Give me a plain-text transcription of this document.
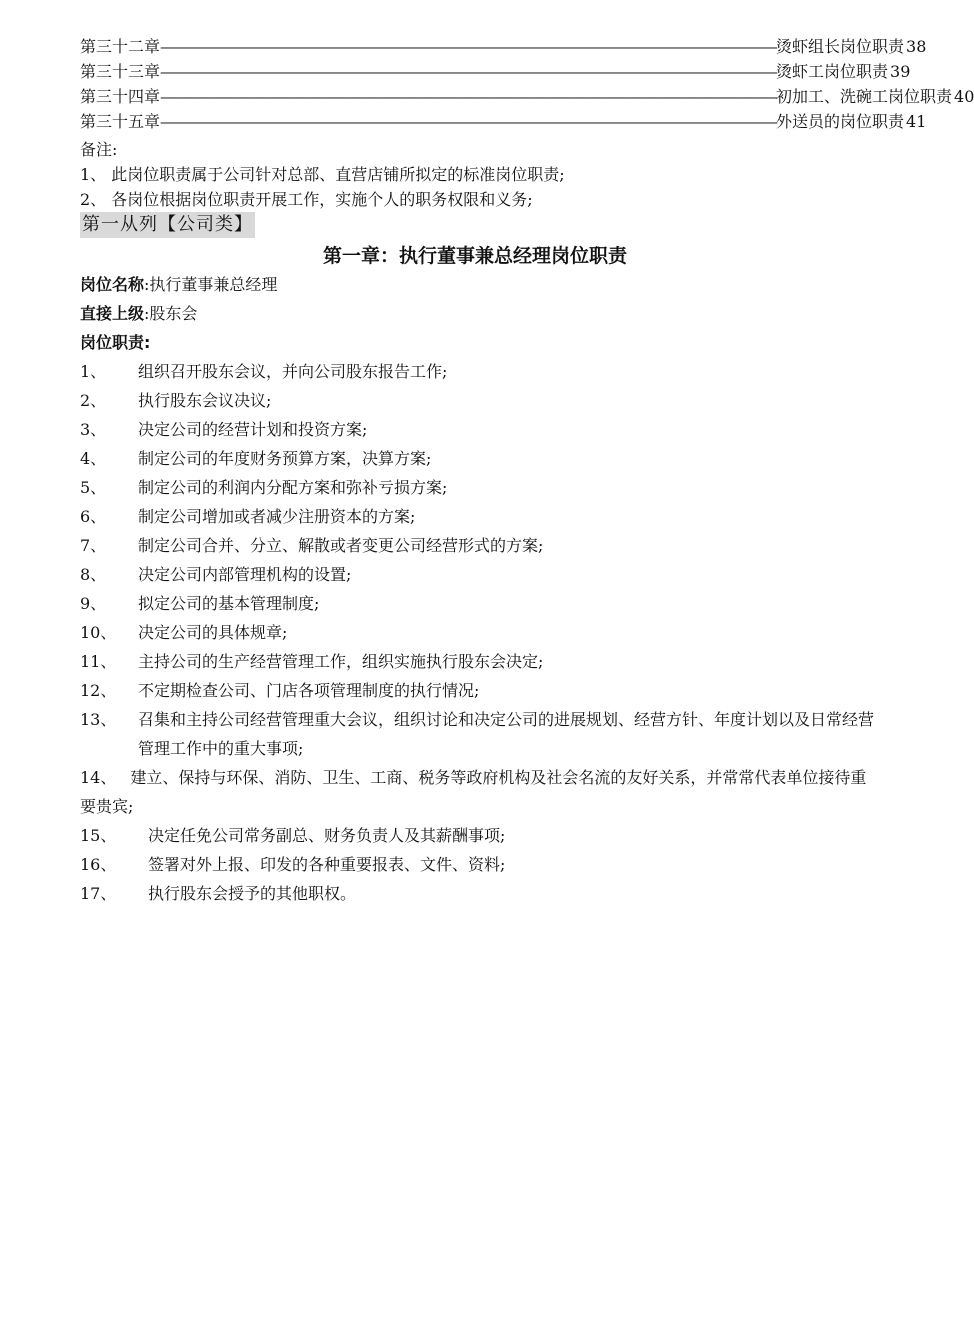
第三十二章 ———————————————————————————————————————————— 烫虾组长岗位职责 38
第三十三章 ———————————————————————————————————————————— 烫虾工岗位职责 39
第三十四章 ———————————————————————————————————————————— 初加工、洗碗工岗位职责 40
第三十五章 ———————————————————————————————————————————— 外送员的岗位职责 41
备注:
1、 此岗位职责属于公司针对总部、直营店铺所拟定的标准岗位职责;
2、 各岗位根据岗位职责开展工作，实施个人的职务权限和义务;
第一从列【公司类】
第一章：执行董事兼总经理岗位职责
岗位名称:执行董事兼总经理
直接上级:股东会
岗位职责:
1、	组织召开股东会议，并向公司股东报告工作;
2、	执行股东会议决议;
3、	决定公司的经营计划和投资方案;
4、	制定公司的年度财务预算方案，决算方案;
5、	制定公司的利润内分配方案和弥补亏损方案;
6、	制定公司增加或者减少注册资本的方案;
7、	制定公司合并、分立、解散或者变更公司经营形式的方案;
8、	决定公司内部管理机构的设置;
9、	拟定公司的基本管理制度;
10、	决定公司的具体规章;
11、	主持公司的生产经营管理工作，组织实施执行股东会决定;
12、	不定期检查公司、门店各项管理制度的执行情况;
13、	召集和主持公司经营管理重大会议，组织讨论和决定公司的进展规划、经营方针、年度计划以及日常经营管理工作中的重大事项;
14、 建立、保持与环保、消防、卫生、工商、税务等政府机构及社会名流的友好关系，并常常代表单位接待重要贵宾;
15、	决定任免公司常务副总、财务负责人及其薪酬事项;
16、	签署对外上报、印发的各种重要报表、文件、资料;
17、	执行股东会授予的其他职权。
